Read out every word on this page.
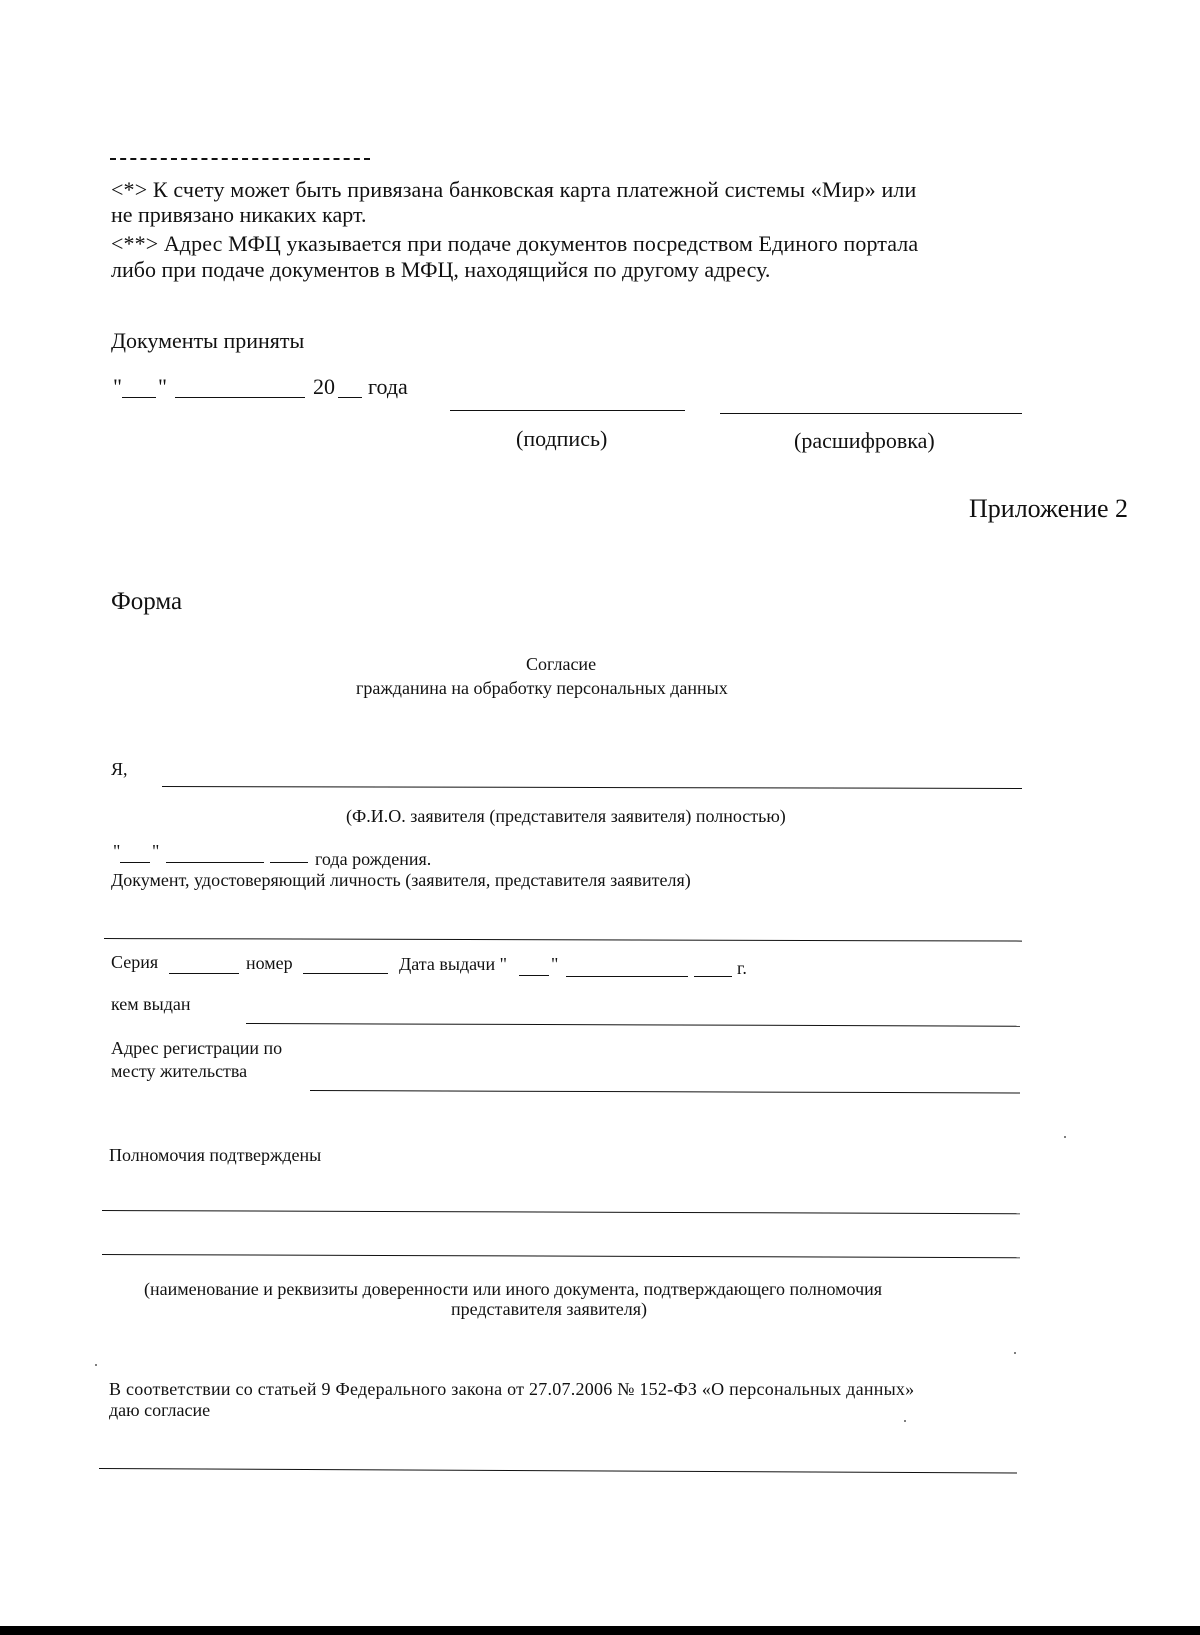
<*> К счету может быть привязана банковская карта платежной системы «Мир» или
не привязано никаких карт.
<**> Адрес МФЦ указывается при подаче документов посредством Единого портала
либо при подаче документов в МФЦ, находящийся по другому адресу.
Документы приняты
" "	20 года
(подпись)	(расшифровка)
Приложение 2
Форма
Согласие
гражданина на обработку персональных данных
Я,
(Ф.И.О. заявителя (представителя заявителя) полностью)
" "	года рождения.
Документ, удостоверяющий личность (заявителя, представителя заявителя)
Серия	номер	Дата выдачи " "	г.
кем выдан
Адрес регистрации по
месту жительства
Полномочия подтверждены
(наименование и реквизиты доверенности или иного документа, подтверждающего полномочия
представителя заявителя)
В соответствии со статьей 9 Федерального закона от 27.07.2006 № 152-ФЗ «О персональных данных»
даю согласие
